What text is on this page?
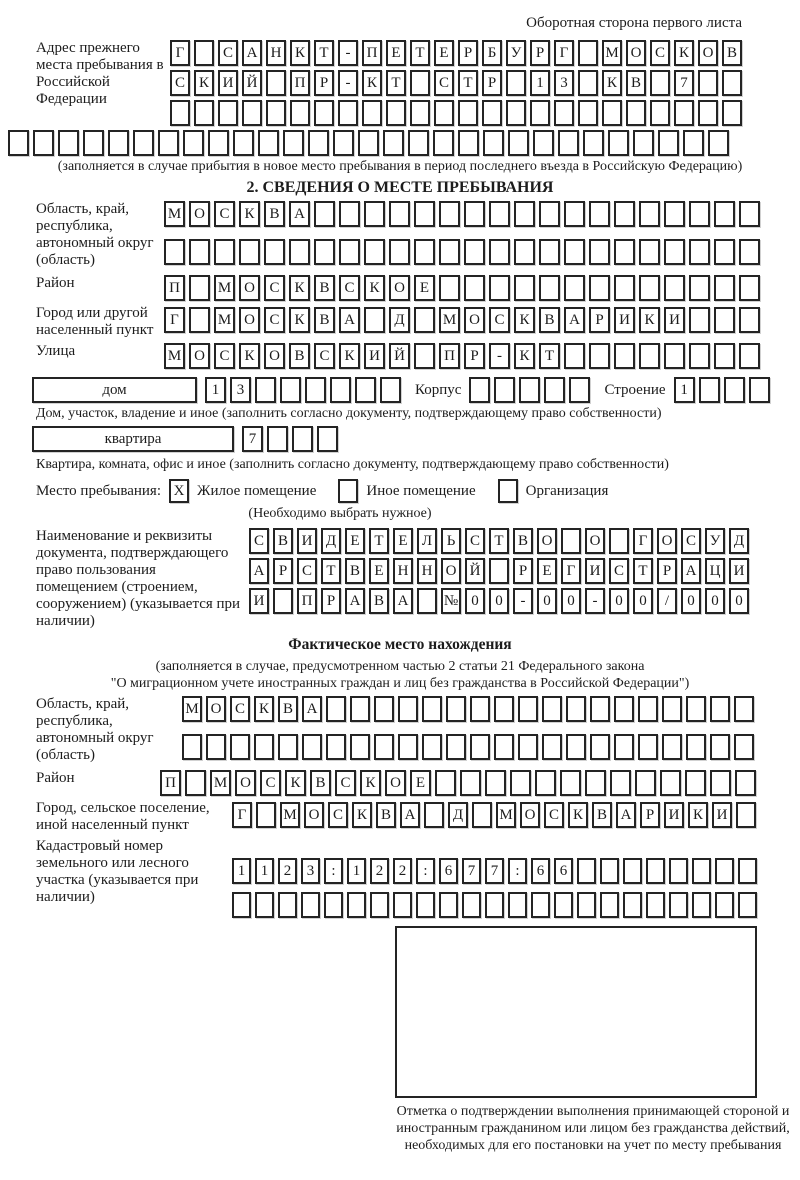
Оборотная сторона первого листа
Адрес прежнего места пребывания в Российской Федерации
Г	С А Н К Т	-	П Е Т Е	Р	Б У Р	Г	М О С К О В
С К И Й	П Р	-	К Т	С Т	Р	1	3	К В	7
(заполняется в случае прибытия в новое место пребывания в период последнего въезда в Российскую Федерацию)
2. СВЕДЕНИЯ О МЕСТЕ ПРЕБЫВАНИЯ
Область, край, республика, автономный округ (область)
М О С К В А
Район	П	М О С К В С К О Е
Город или другой населенный пункт
Г	М О С К В А	Д	М О С К В А	Р	И К И
Улица	М О С К О В С К И Й	П	Р	-	К	Т
дом	1	3	Корпус	Строение 1
Дом, участок, владение и иное (заполнить согласно документу, подтверждающему право собственности)
квартира	7
Квартира, комната, офис и иное (заполнить согласно документу, подтверждающему право собственности)
Место пребывания: X Жилое помещение	Иное помещение	Организация
(Необходимо выбрать нужное)
Наименование и реквизиты документа, подтверждающего право пользования помещением (строением, сооружением) (указывается при наличии)
С В И Д Е Т Е Л Ь С Т В О	О	Г О С У Д
А Р С Т В Е Н Н О Й	Р	Е	Г И С Т	Р А Ц И
И	П Р А В А	№ 0	0	-	0	0	-	0	0	/	0	0	0
Фактическое место нахождения
(заполняется в случае, предусмотренном частью 2 статьи 21 Федерального закона
"О миграционном учете иностранных граждан и лиц без гражданства в Российской Федерации")
Область, край, республика, автономный округ (область)
М О С К В А
Район	П	М О С К В С К О Е
Город, сельское поселение, иной населенный пункт
Г	М О С К В А	Д	М О С К В А Р И К И
Кадастровый номер земельного или лесного участка (указывается при наличии)
1	1	2	3	:	1	2	2	:	6	7	7	:	6	6
Отметка о подтверждении выполнения принимающей стороной и иностранным гражданином или лицом без гражданства действий, необходимых для его постановки на учет по месту пребывания
